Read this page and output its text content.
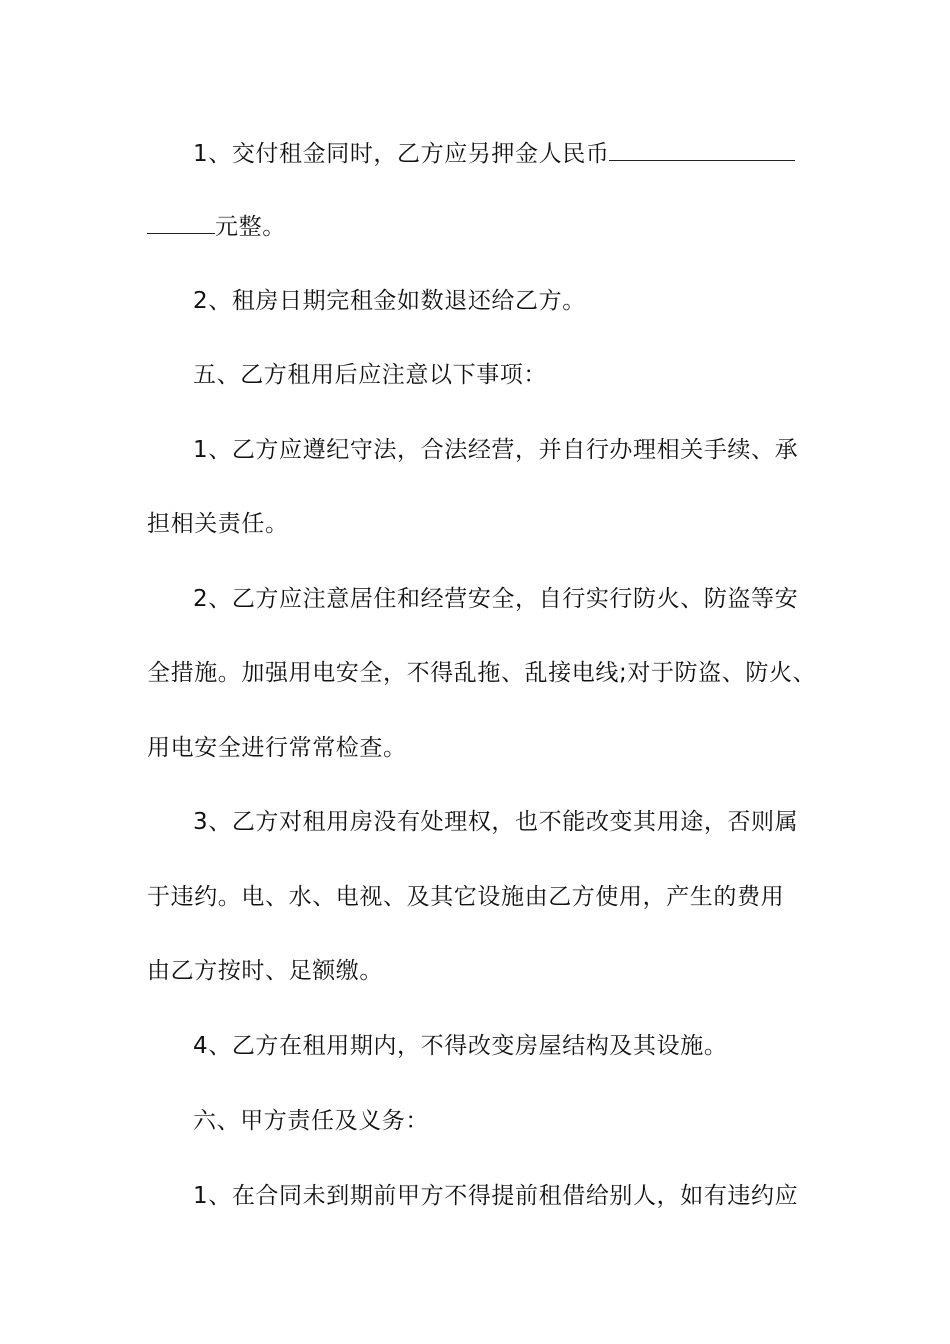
1、交付租金同时，乙方应另押金人民币
元整。
2、租房日期完租金如数退还给乙方。
五、乙方租用后应注意以下事项：
1、乙方应遵纪守法，合法经营，并自行办理相关手续、承
担相关责任。
2、乙方应注意居住和经营安全，自行实行防火、防盗等安
全措施。加强用电安全，不得乱拖、乱接电线;对于防盗、防火、
用电安全进行常常检查。
3、乙方对租用房没有处理权，也不能改变其用途，否则属
于违约。电、水、电视、及其它设施由乙方使用，产生的费用
由乙方按时、足额缴。
4、乙方在租用期内，不得改变房屋结构及其设施。
六、甲方责任及义务：
1、在合同未到期前甲方不得提前租借给别人，如有违约应
